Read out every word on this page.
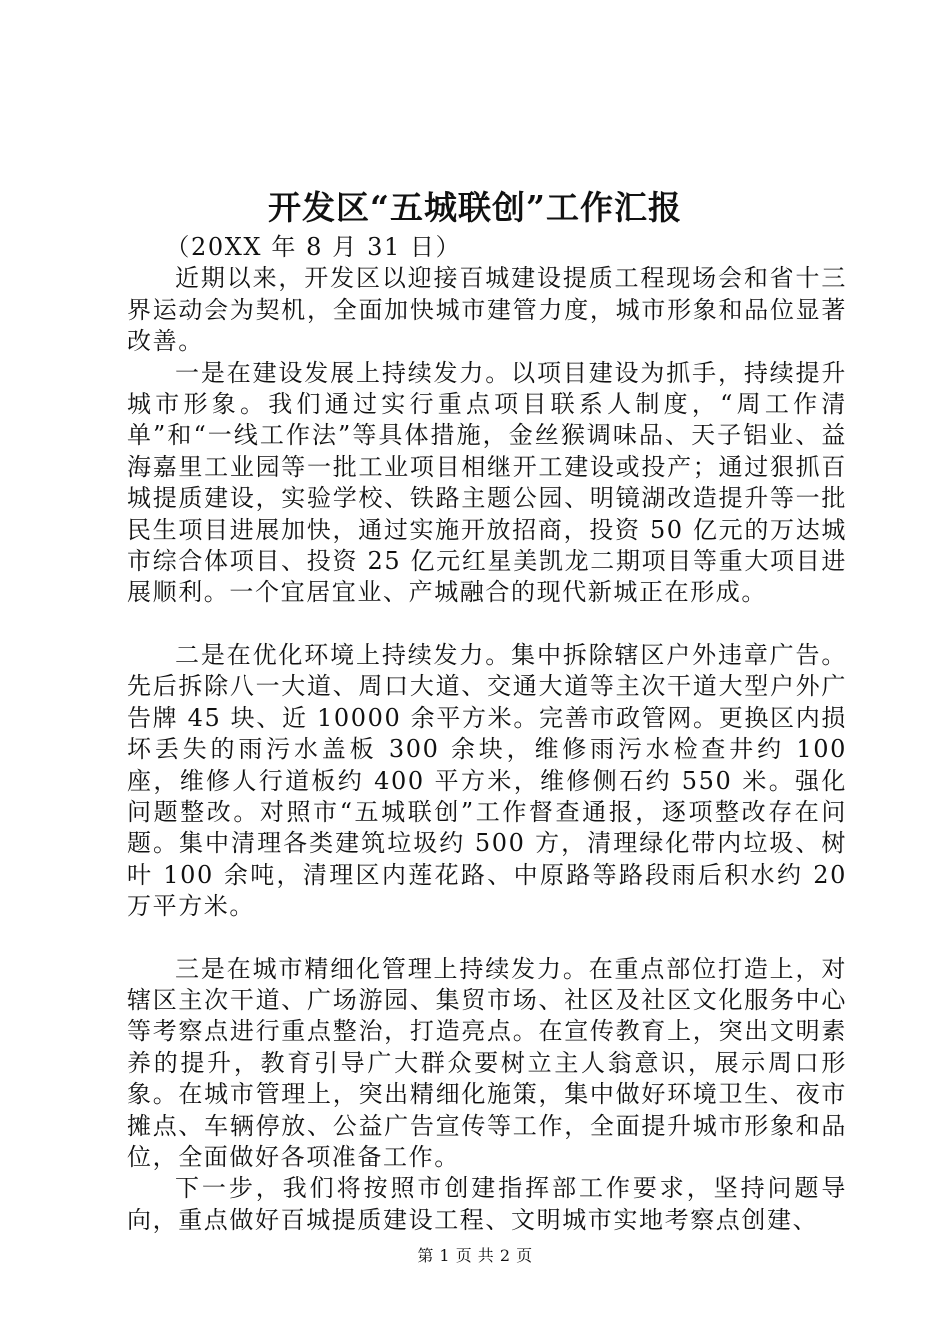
开发区“五城联创”工作汇报

（20XX 年 8 月 31 日）

近期以来，开发区以迎接百城建设提质工程现场会和省十三界运动会为契机，全面加快城市建管力度，城市形象和品位显著改善。

一是在建设发展上持续发力。以项目建设为抓手，持续提升城市形象。我们通过实行重点项目联系人制度，“周工作清单”和“一线工作法”等具体措施，金丝猴调味品、天子铝业、益海嘉里工业园等一批工业项目相继开工建设或投产；通过狠抓百城提质建设，实验学校、铁路主题公园、明镜湖改造提升等一批民生项目进展加快，通过实施开放招商，投资 50 亿元的万达城市综合体项目、投资 25 亿元红星美凯龙二期项目等重大项目进展顺利。一个宜居宜业、产城融合的现代新城正在形成。

二是在优化环境上持续发力。集中拆除辖区户外违章广告。先后拆除八一大道、周口大道、交通大道等主次干道大型户外广告牌 45 块、近 10000 余平方米。完善市政管网。更换区内损坏丢失的雨污水盖板 300 余块，维修雨污水检查井约 100 座，维修人行道板约 400 平方米，维修侧石约 550 米。强化问题整改。对照市“五城联创”工作督查通报，逐项整改存在问题。集中清理各类建筑垃圾约 500 方，清理绿化带内垃圾、树叶 100 余吨，清理区内莲花路、中原路等路段雨后积水约 20 万平方米。

三是在城市精细化管理上持续发力。在重点部位打造上，对辖区主次干道、广场游园、集贸市场、社区及社区文化服务中心等考察点进行重点整治，打造亮点。在宣传教育上，突出文明素养的提升，教育引导广大群众要树立主人翁意识，展示周口形象。在城市管理上，突出精细化施策，集中做好环境卫生、夜市摊点、车辆停放、公益广告宣传等工作，全面提升城市形象和品位，全面做好各项准备工作。

下一步，我们将按照市创建指挥部工作要求，坚持问题导向，重点做好百城提质建设工程、文明城市实地考察点创建、

第 1 页 共 2 页
